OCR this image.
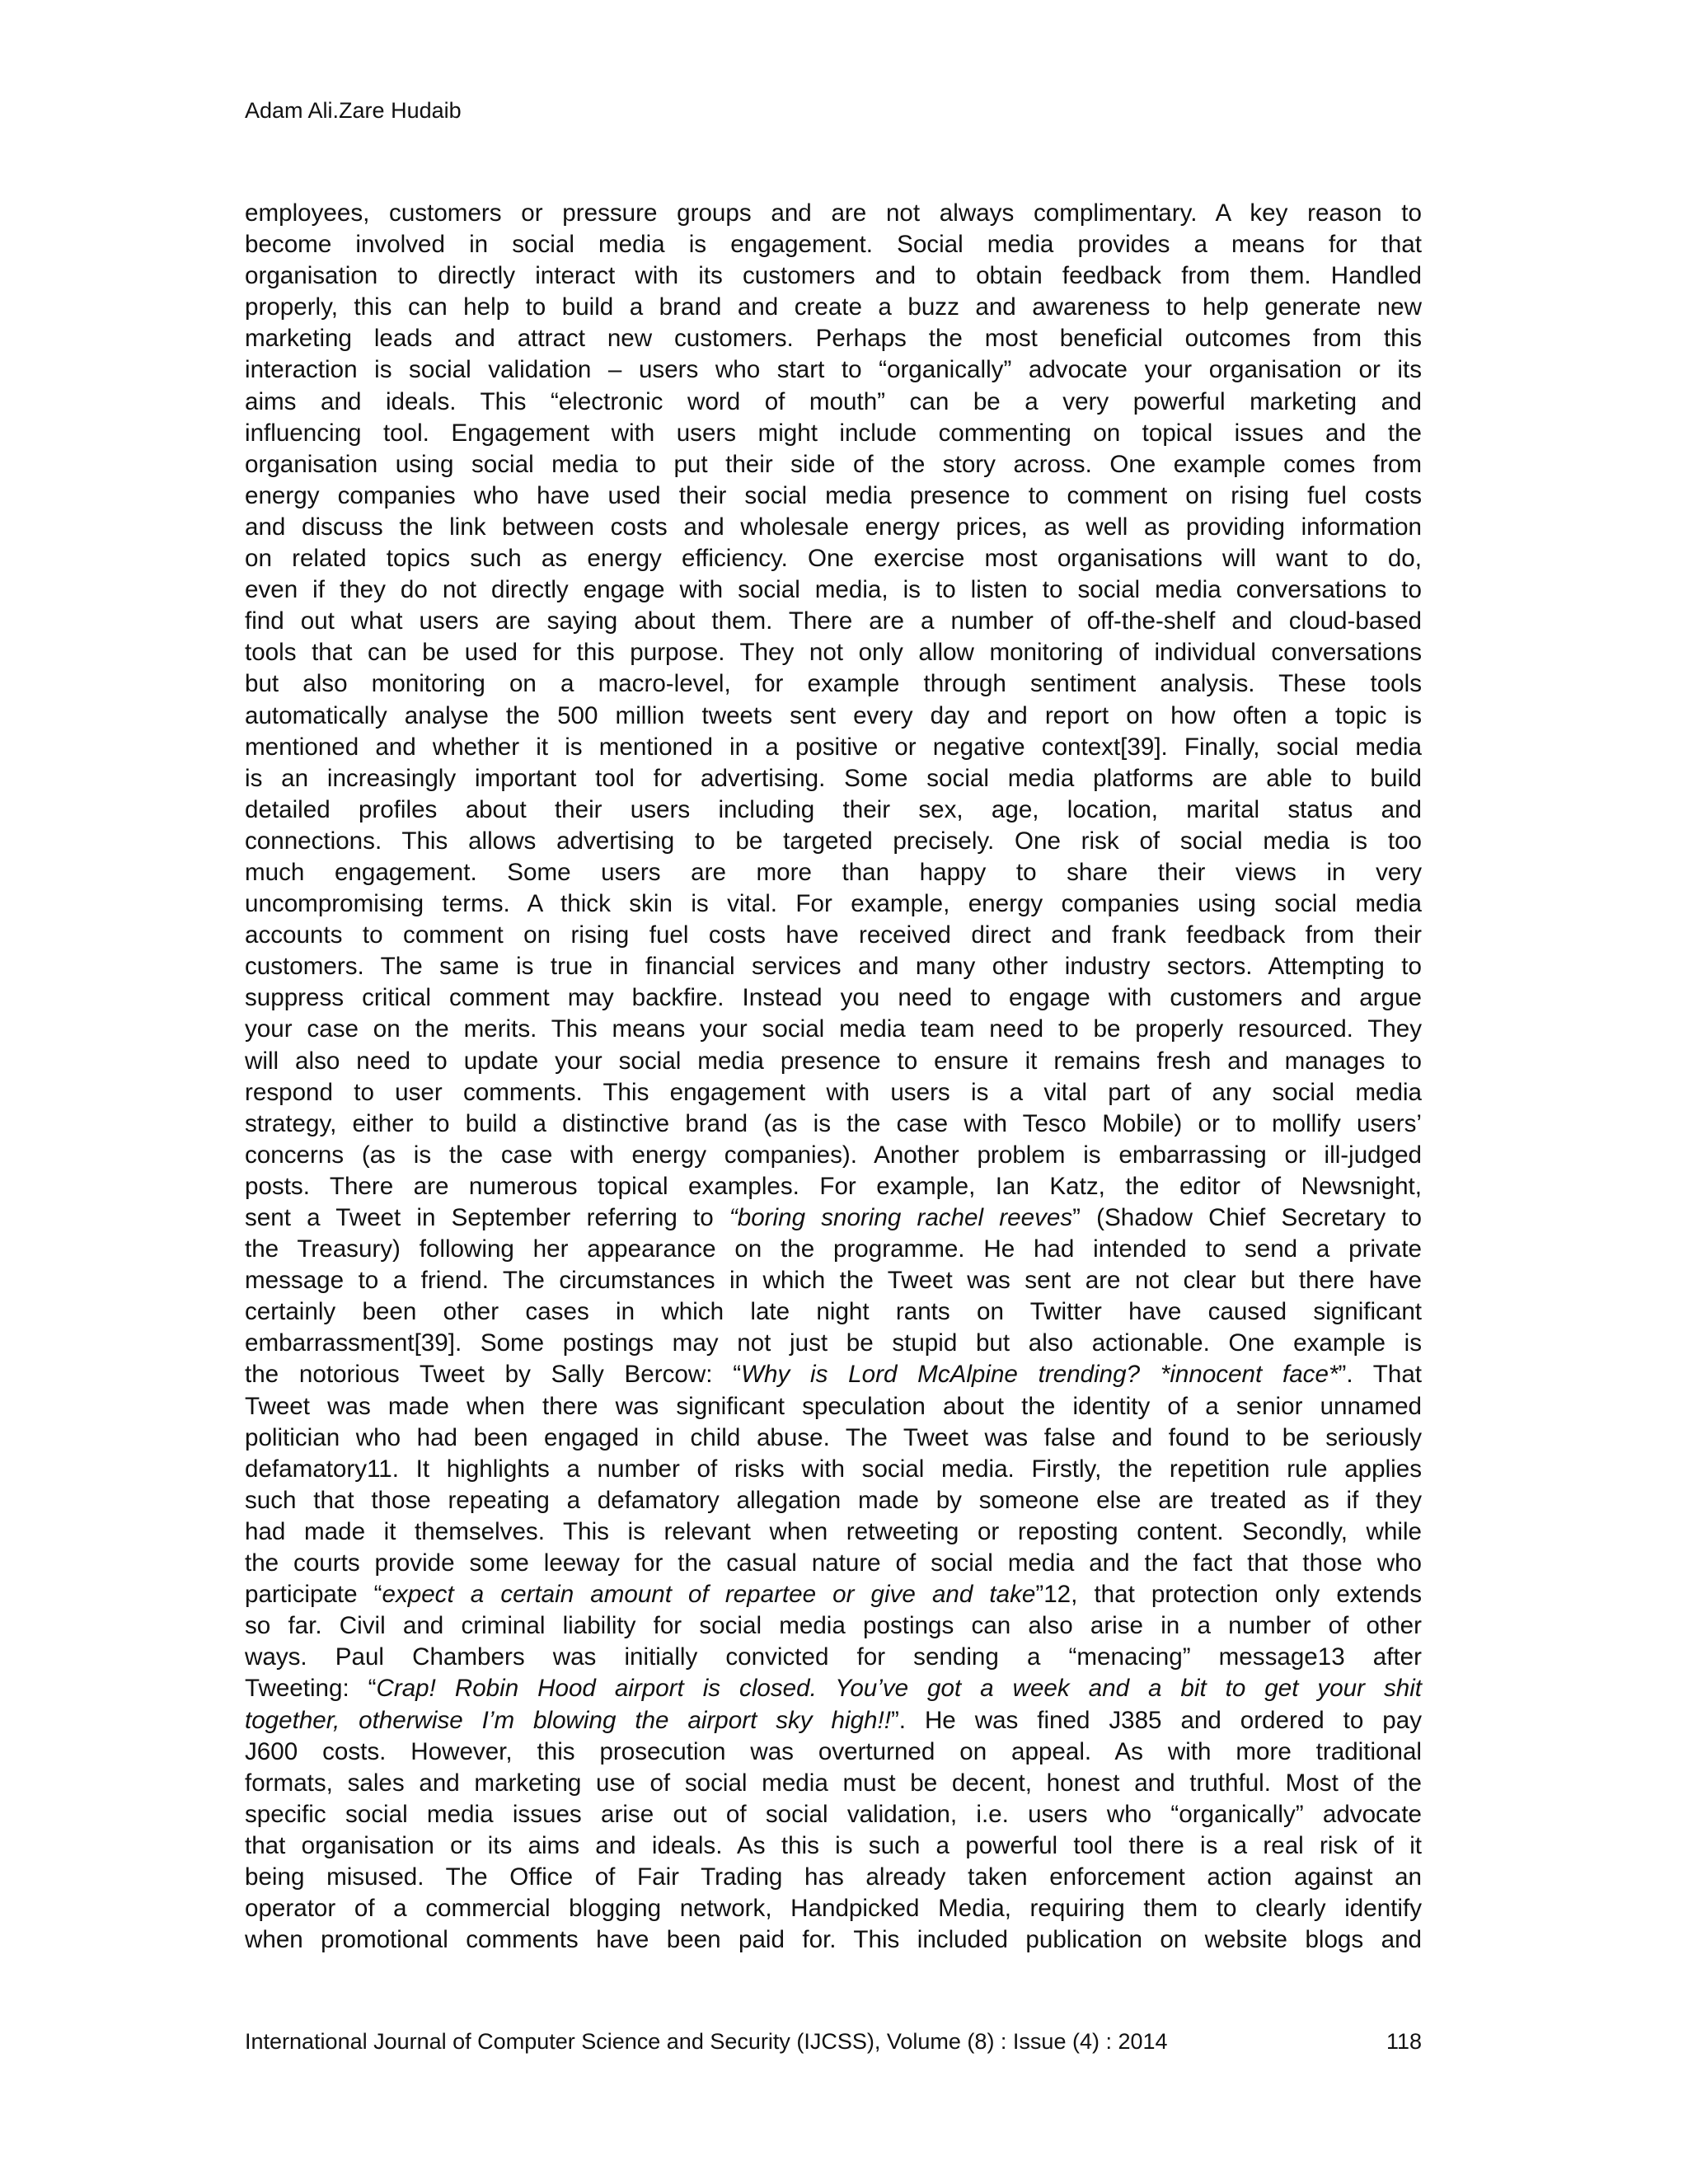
Adam Ali.Zare Hudaib
employees, customers or pressure groups and are not always complimentary. A key reason to
become involved in social media is engagement. Social media provides a means for that
organisation to directly interact with its customers and to obtain feedback from them. Handled
properly, this can help to build a brand and create a buzz and awareness to help generate new
marketing leads and attract new customers. Perhaps the most beneficial outcomes from this
interaction is social validation – users who start to “organically” advocate your organisation or its
aims and ideals. This “electronic word of mouth” can be a very powerful marketing and
influencing tool. Engagement with users might include commenting on topical issues and the
organisation using social media to put their side of the story across. One example comes from
energy companies who have used their social media presence to comment on rising fuel costs
and discuss the link between costs and wholesale energy prices, as well as providing information
on related topics such as energy efficiency. One exercise most organisations will want to do,
even if they do not directly engage with social media, is to listen to social media conversations to
find out what users are saying about them. There are a number of off-the-shelf and cloud-based
tools that can be used for this purpose. They not only allow monitoring of individual conversations
but also monitoring on a macro-level, for example through sentiment analysis. These tools
automatically analyse the 500 million tweets sent every day and report on how often a topic is
mentioned and whether it is mentioned in a positive or negative context[39]. Finally, social media
is an increasingly important tool for advertising. Some social media platforms are able to build
detailed profiles about their users including their sex, age, location, marital status and
connections. This allows advertising to be targeted precisely. One risk of social media is too
much engagement. Some users are more than happy to share their views in very
uncompromising terms. A thick skin is vital. For example, energy companies using social media
accounts to comment on rising fuel costs have received direct and frank feedback from their
customers. The same is true in financial services and many other industry sectors. Attempting to
suppress critical comment may backfire. Instead you need to engage with customers and argue
your case on the merits. This means your social media team need to be properly resourced. They
will also need to update your social media presence to ensure it remains fresh and manages to
respond to user comments. This engagement with users is a vital part of any social media
strategy, either to build a distinctive brand (as is the case with Tesco Mobile) or to mollify users’
concerns (as is the case with energy companies). Another problem is embarrassing or ill-judged
posts. There are numerous topical examples. For example, Ian Katz, the editor of Newsnight,
sent a Tweet in September referring to “boring snoring rachel reeves” (Shadow Chief Secretary to
the Treasury) following her appearance on the programme. He had intended to send a private
message to a friend. The circumstances in which the Tweet was sent are not clear but there have
certainly been other cases in which late night rants on Twitter have caused significant
embarrassment[39]. Some postings may not just be stupid but also actionable. One example is
the notorious Tweet by Sally Bercow: “Why is Lord McAlpine trending? *innocent face*”. That
Tweet was made when there was significant speculation about the identity of a senior unnamed
politician who had been engaged in child abuse. The Tweet was false and found to be seriously
defamatory11. It highlights a number of risks with social media. Firstly, the repetition rule applies
such that those repeating a defamatory allegation made by someone else are treated as if they
had made it themselves. This is relevant when retweeting or reposting content. Secondly, while
the courts provide some leeway for the casual nature of social media and the fact that those who
participate “expect a certain amount of repartee or give and take”12, that protection only extends
so far. Civil and criminal liability for social media postings can also arise in a number of other
ways. Paul Chambers was initially convicted for sending a “menacing” message13 after
Tweeting: “Crap! Robin Hood airport is closed. You’ve got a week and a bit to get your shit
together, otherwise I’m blowing the airport sky high!!”. He was fined J385 and ordered to pay
J600 costs. However, this prosecution was overturned on appeal. As with more traditional
formats, sales and marketing use of social media must be decent, honest and truthful. Most of the
specific social media issues arise out of social validation, i.e. users who “organically” advocate
that organisation or its aims and ideals. As this is such a powerful tool there is a real risk of it
being misused. The Office of Fair Trading has already taken enforcement action against an
operator of a commercial blogging network, Handpicked Media, requiring them to clearly identify
when promotional comments have been paid for. This included publication on website blogs and
International Journal of Computer Science and Security (IJCSS), Volume (8) : Issue (4) : 2014	118
